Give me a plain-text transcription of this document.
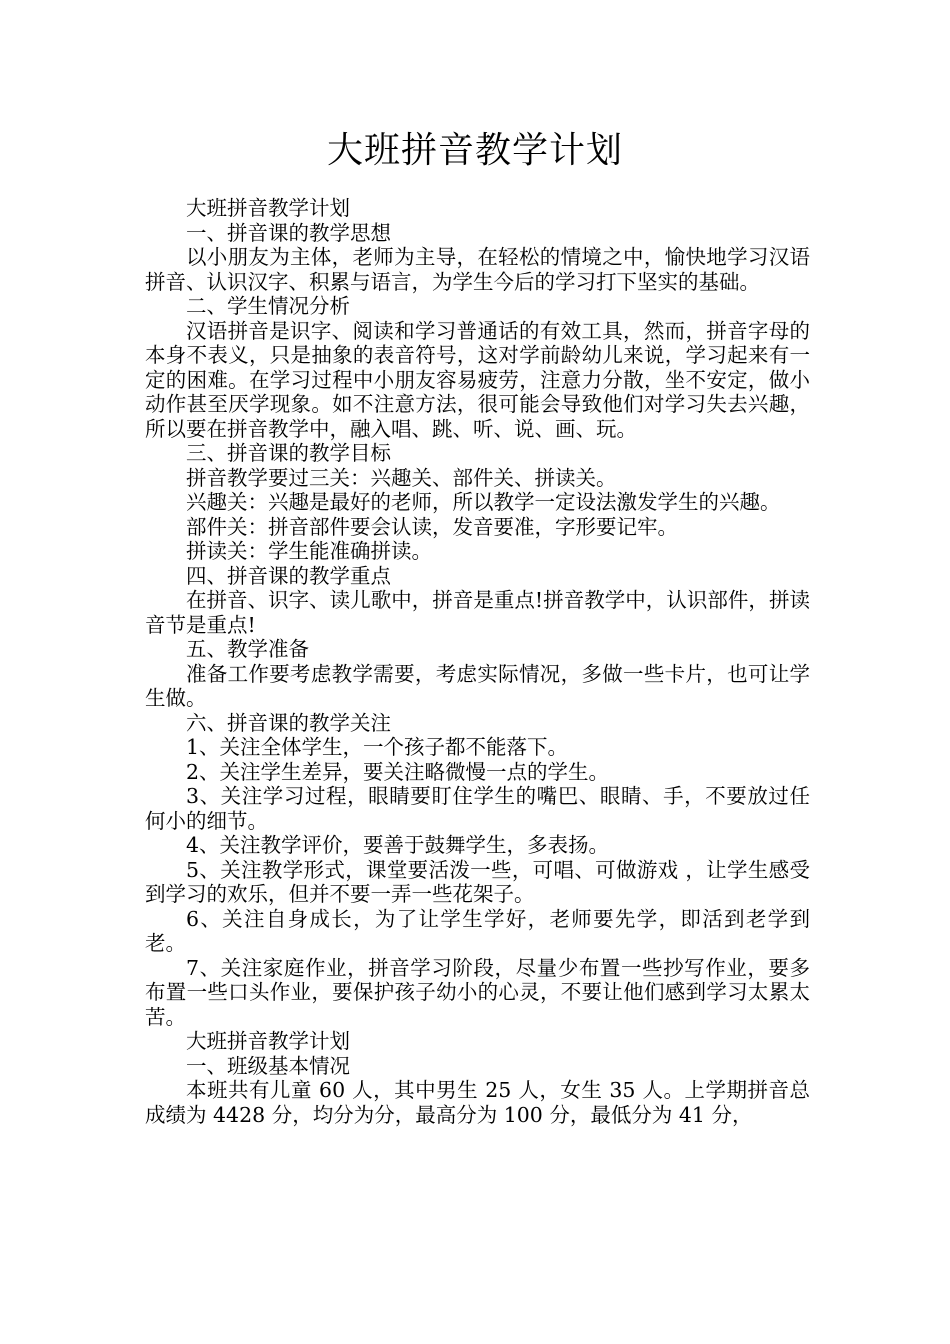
大班拼音教学计划

大班拼音教学计划

一、拼音课的教学思想

以小朋友为主体，老师为主导，在轻松的情境之中，愉快地学习汉语拼音、认识汉字、积累与语言，为学生今后的学习打下坚实的基础。

二、学生情况分析

汉语拼音是识字、阅读和学习普通话的有效工具，然而，拼音字母的本身不表义，只是抽象的表音符号，这对学前龄幼儿来说，学习起来有一定的困难。在学习过程中小朋友容易疲劳，注意力分散，坐不安定，做小动作甚至厌学现象。如不注意方法，很可能会导致他们对学习失去兴趣，所以要在拼音教学中，融入唱、跳、听、说、画、玩。

三、拼音课的教学目标

拼音教学要过三关：兴趣关、部件关、拼读关。

兴趣关：兴趣是最好的老师，所以教学一定设法激发学生的兴趣。

部件关：拼音部件要会认读，发音要准，字形要记牢。

拼读关：学生能准确拼读。

四、拼音课的教学重点

在拼音、识字、读儿歌中，拼音是重点!拼音教学中，认识部件，拼读音节是重点!

五、教学准备

准备工作要考虑教学需要，考虑实际情况，多做一些卡片，也可让学生做。

六、拼音课的教学关注

1、关注全体学生，一个孩子都不能落下。

2、关注学生差异，要关注略微慢一点的学生。

3、关注学习过程，眼睛要盯住学生的嘴巴、眼睛、手，不要放过任何小的细节。

4、关注教学评价，要善于鼓舞学生，多表扬。

5、关注教学形式，课堂要活泼一些，可唱、可做游戏 ，让学生感受到学习的欢乐，但并不要一弄一些花架子。

6、关注自身成长，为了让学生学好，老师要先学，即活到老学到老。

7、关注家庭作业，拼音学习阶段，尽量少布置一些抄写作业，要多布置一些口头作业，要保护孩子幼小的心灵，不要让他们感到学习太累太苦。

大班拼音教学计划

一、班级基本情况

本班共有儿童 60 人，其中男生 25 人，女生 35 人。上学期拼音总成绩为 4428 分，均分为分，最高分为 100 分，最低分为 41 分，
